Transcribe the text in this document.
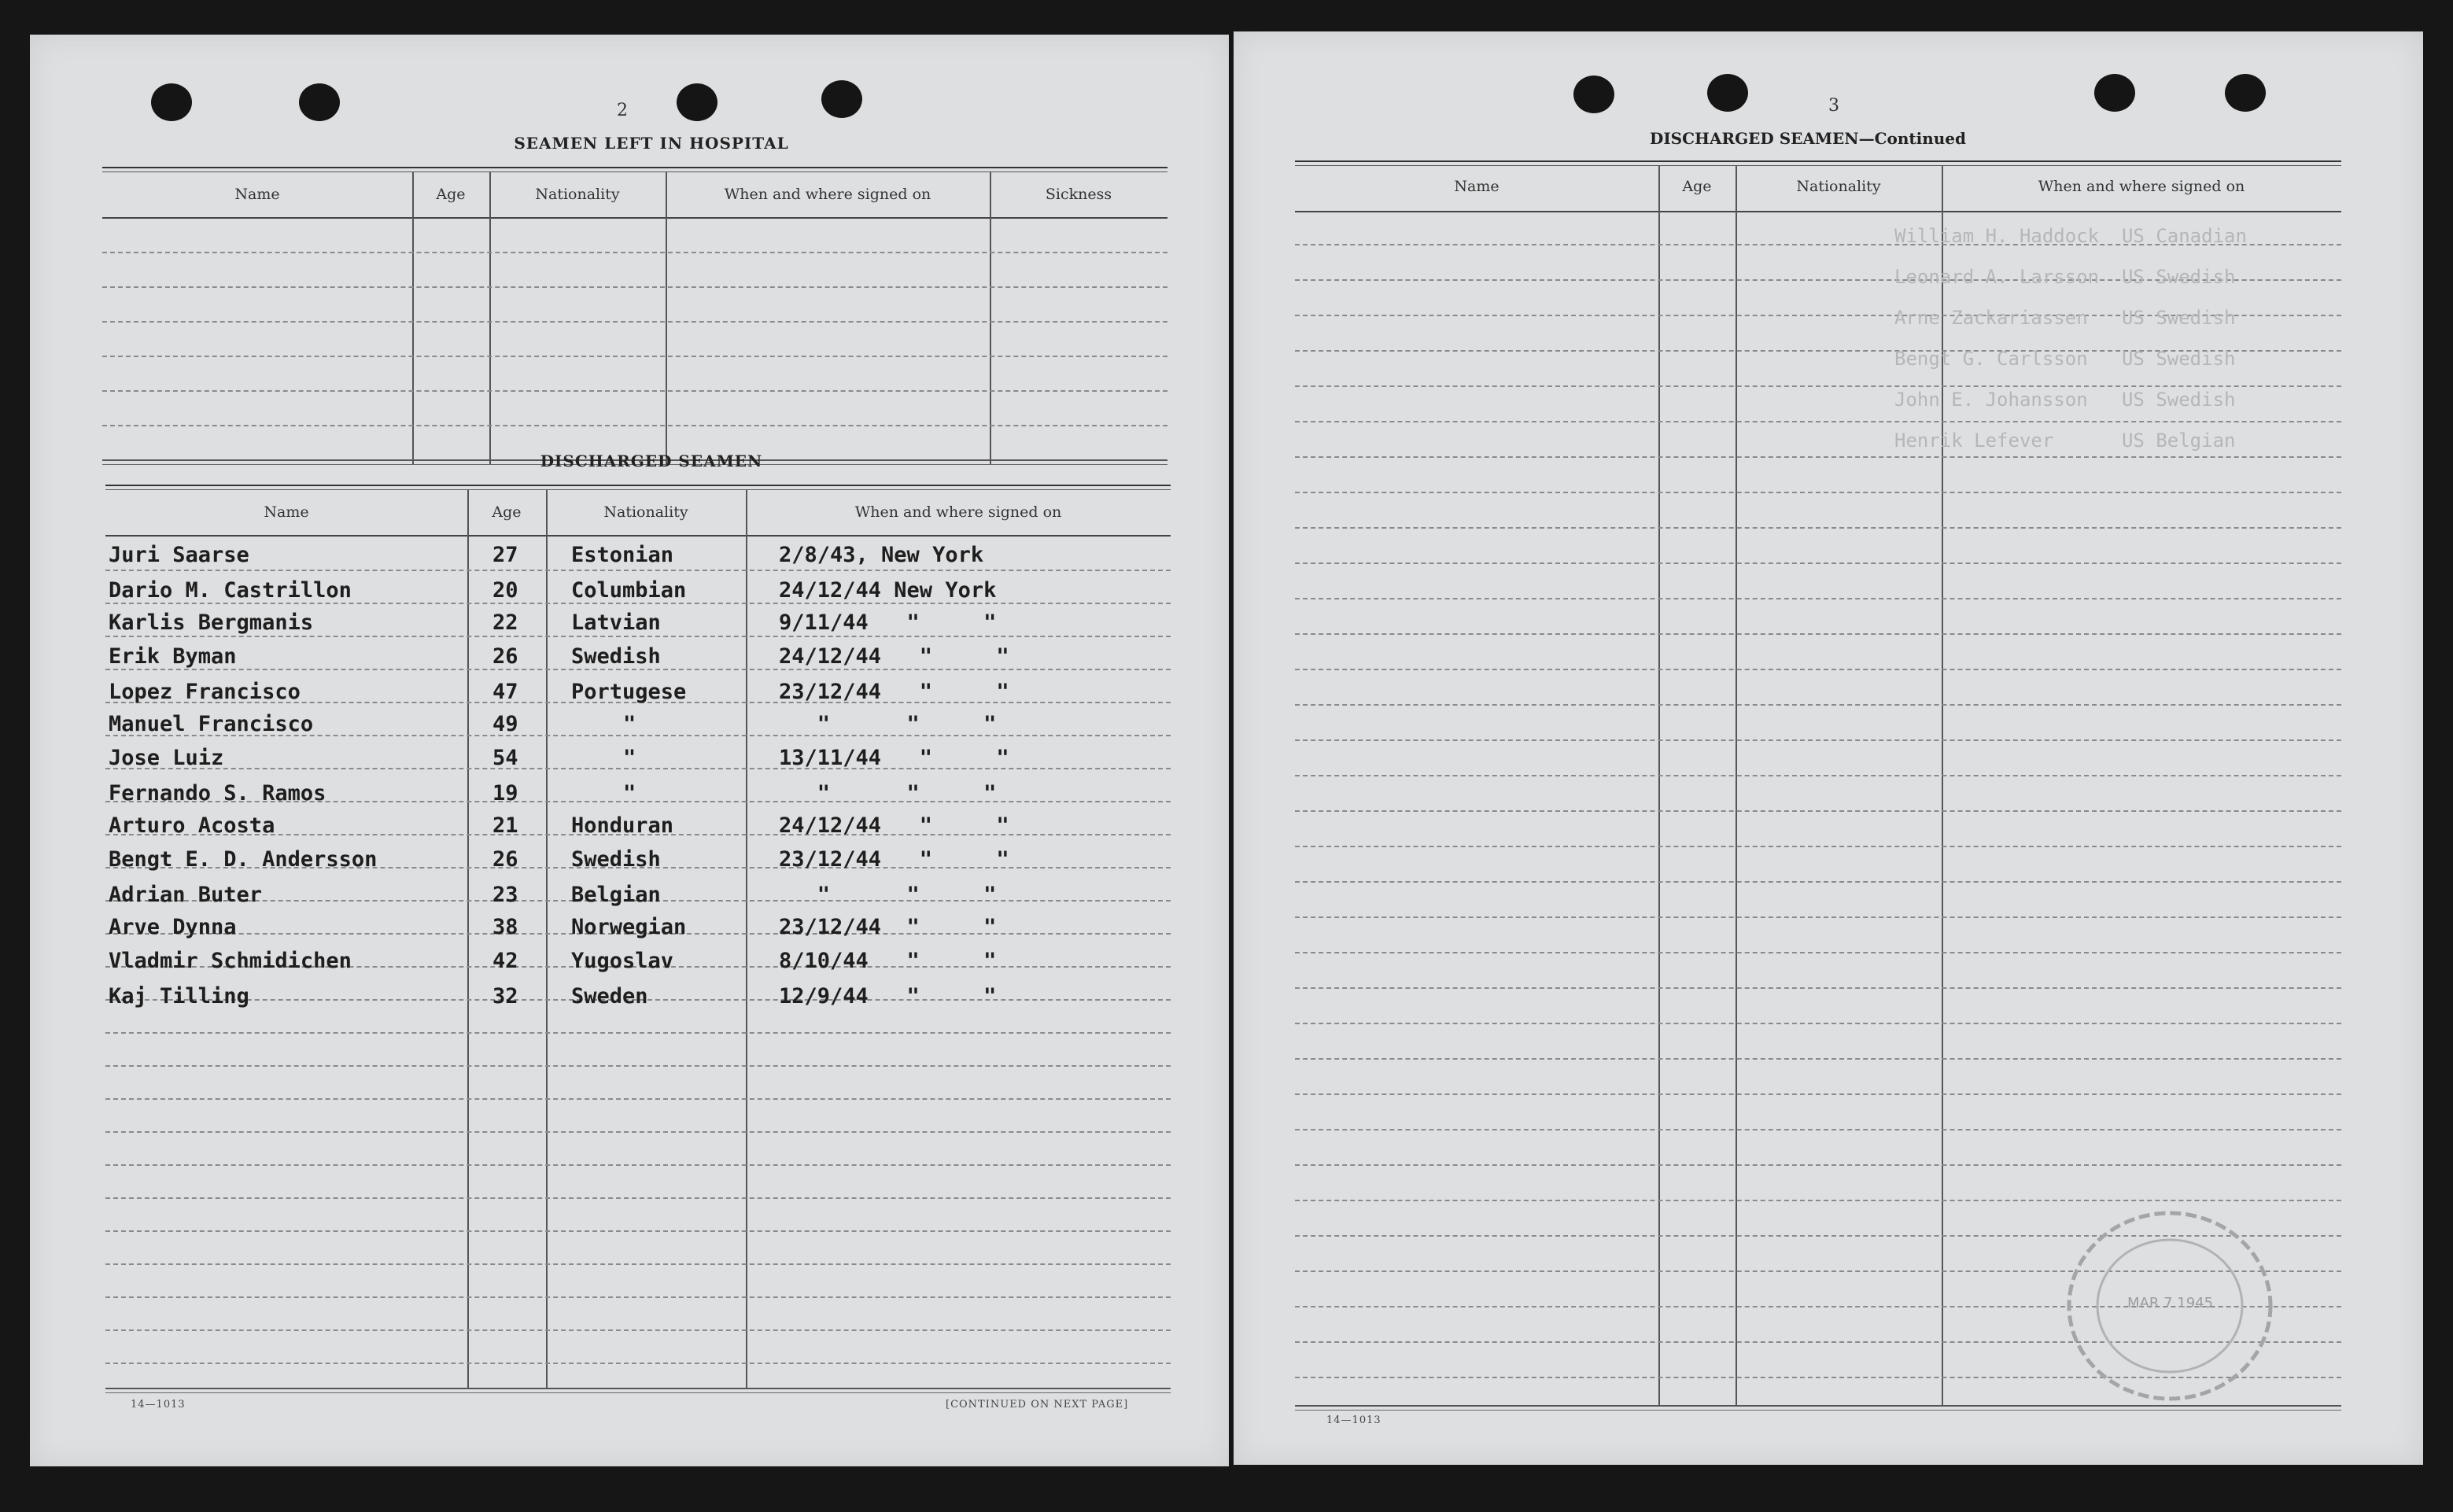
2
SEAMEN LEFT IN HOSPITAL
Name	Age	Nationality	When and where signed on	Sickness
DISCHARGED SEAMEN
Name	Age	Nationality	When and where signed on
Juri Saarse	27 Estonian	2/8/43, New York
Dario M. Castrillon	20 Columbian	24/12/44 New York
Karlis Bergmanis	22 Latvian	9/11/44   "     "
Erik Byman	26 Swedish	24/12/44   "     "
Lopez Francisco	47 Portugese	23/12/44   "     "
Manuel Francisco	49	"	"      "     "
Jose Luiz	54	"	13/11/44   "     "
Fernando S. Ramos	19	"	"      "     "
Arturo Acosta	21 Honduran	24/12/44   "     "
Bengt E. D. Andersson	26 Swedish	23/12/44   "     "
Adrian Buter	23 Belgian	"      "     "
Arve Dynna	38 Norwegian	23/12/44  "     "
Vladmir Schmidichen	42 Yugoslav	8/10/44   "     "
Kaj Tilling	32 Sweden	12/9/44   "     "
14—1013	[CONTINUED ON NEXT PAGE]
3
DISCHARGED SEAMEN—Continued
Name	Age	Nationality	When and where signed on
William H. Haddock  US Canadian
Leonard A. Larsson  US Swedish
Arne Zackariassen   US Swedish
Bengt G. Carlsson   US Swedish
John E. Johansson   US Swedish
Henrik Lefever      US Belgian
MAR 7 1945
14—1013
